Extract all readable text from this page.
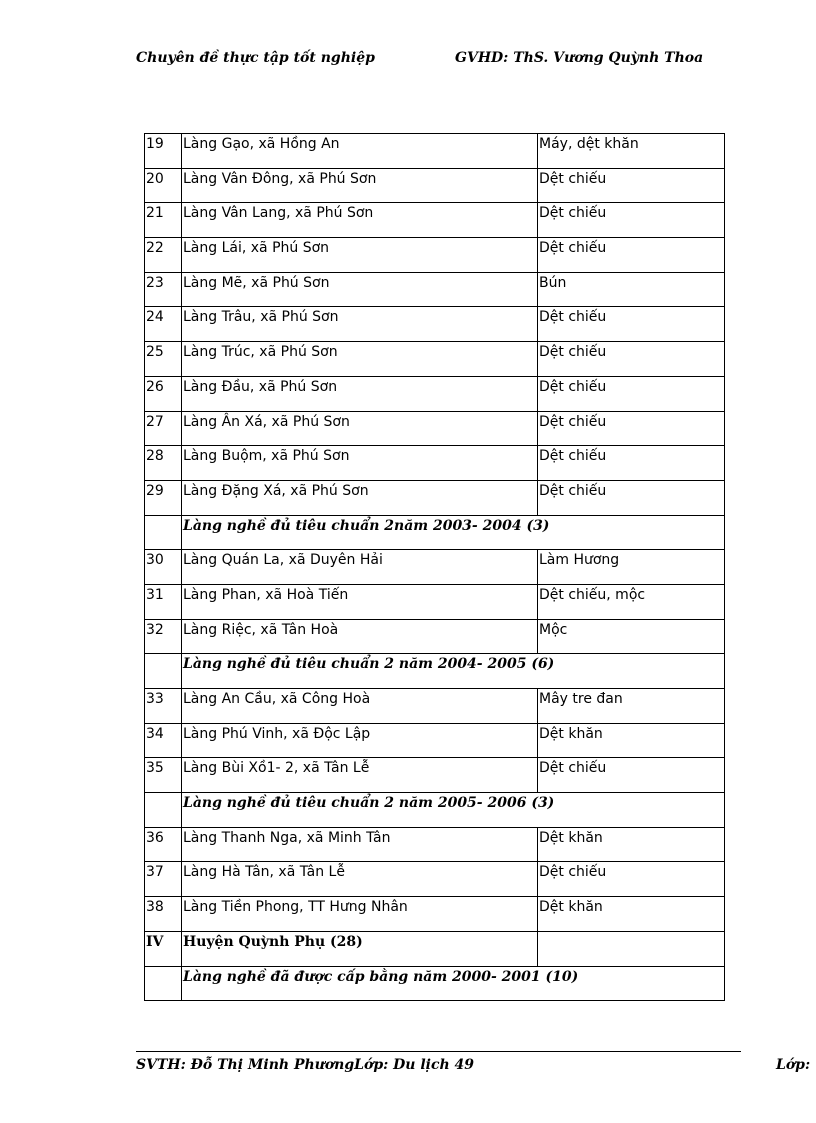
Chuyên đề thực tập tốt nghiệp	GVHD: ThS. Vương Quỳnh Thoa
19	Làng Gạo, xã Hồng An	Máy, dệt khăn

20	Làng Vân Đông, xã Phú Sơn	Dệt chiếu

21	Làng Vân Lang, xã Phú Sơn	Dệt chiếu

22	Làng Lái, xã Phú Sơn	Dệt chiếu

23	Làng Mẽ, xã Phú Sơn	Bún

24	Làng Trâu, xã Phú Sơn	Dệt chiếu

25	Làng Trúc, xã Phú Sơn	Dệt chiếu

26	Làng Đầu, xã Phú Sơn	Dệt chiếu

27	Làng Ân Xá, xã Phú Sơn	Dệt chiếu

28	Làng Buộm, xã Phú Sơn	Dệt chiếu

29	Làng Đặng Xá, xã Phú Sơn	Dệt chiếu

	Làng nghề đủ tiêu chuẩn 2năm 2003- 2004 (3)	

30	Làng Quán La, xã Duyên Hải	Làm Hương

31	Làng Phan, xã Hoà Tiến	Dệt chiếu, mộc

32	Làng Riệc, xã Tân Hoà	Mộc

	Làng nghề đủ tiêu chuẩn 2 năm 2004- 2005 (6)	

33	Làng An Cầu, xã Công Hoà	Mây tre đan

34	Làng Phú Vinh, xã Độc Lập	Dệt khăn

35	Làng Bùi Xồ1- 2, xã Tân Lễ	Dệt chiếu

	Làng nghề đủ tiêu chuẩn 2 năm 2005- 2006 (3)	

36	Làng Thanh Nga, xã Minh Tân	Dệt khăn

37	Làng Hà Tân, xã Tân Lễ	Dệt chiếu

38	Làng Tiền Phong, TT Hưng Nhân	Dệt khăn

IV	Huyện Quỳnh Phụ (28)	

	Làng nghề đã được cấp bằng năm 2000- 2001 (10)	
SVTH: Đỗ Thị Minh PhươngLớp: Du lịch 49	Lớp:
